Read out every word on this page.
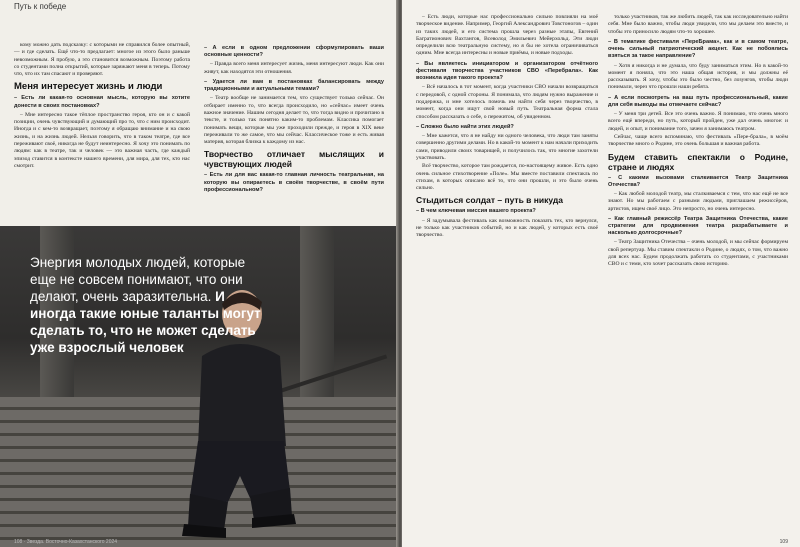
Путь к победе

кому можно дать подсказку: с которыми не справился более опытный, — и где сделать. Ещё что-то предлагает: многое из этого было раньше невозможным. Я пробую, а это становится возможным. Поэтому работа со студентами полна открытий, которые заряжают меня в теперь. Потому что, что их там спасают и проверяют.

Меня интересует жизнь и люди

– Есть ли какая-то основная мысль, которую вы хотите донести в своих постановках?

– Мне интересно такое тёплое пространство героя, кто он и с какой позиции, очень чувствующий и думающий про то, что с ним происходит. Иногда и с кем-то возвращает, поэтому я обращаю внимание и на свою жизнь, и на жизнь людей. Нельзя говорить, что в таком театре, где все переживают своё, никогда не будут неинтересно. Я хочу это понимать по людям: как в театре, так и человек — это важная часть, где каждый эпизод ставится в контексте нашего времени, для мира, для тех, кто нас смотрит.

– А если в одном предложении сформулировать ваши основные ценности?

– Правда всего меня интересует жизнь, меня интересуют люди. Как они живут, как находятся эти отношения.

– Удается ли вам в постановках балансировать между традиционными и актуальными темами?

– Театр вообще не занимается тем, что существует только сейчас. Он отбирает именно то, что всегда происходило, но «сейчас» имеет очень важное значение. Нашим сегодня делает то, что тогда видно и прочитано в тексте, и только так понятно каким-то проблемам. Классика помогает понимать вещи, которые мы уже проходили прежде, и героя в XIX веке переживали то же самое, что мы сейчас. Классическое тоже и есть живая материя, которая близка к каждому из нас.

Творчество отличает мыслящих и чувствующих людей

– Есть ли для вас какая-то главная личность театральная, на которую вы опираетесь в своём творчестве, в своём пути профессиональном?

Энергия молодых людей, которые еще не совсем понимают, что они делают, очень заразительна. И иногда такие юные таланты могут сделать то, что не может сделать уже взрослый человек
108 · Звезда. Восточно-Казахстанского 2024

– Есть люди, которые нас профессионально сильно повлияли на моё творческое видение. Например, Георгий Александрович Товстоногов – один из таких людей, и его система прошла через разные этапы, Евгений Багратионович Вахтангов, Всеволод Эмильевич Мейерхольд. Эти люди определили всю театральную систему, но я бы не хотела ограничиваться одним. Мне всегда интересны и новые приёмы, и новые подходы.

– Вы являетесь инициатором и организатором отчётного фестиваля творчества участников СВО «Перебрала». Как возникла идея такого проекта?

– Всё началось в тот момент, когда участники СВО начали возвращаться с передовой, с одной стороны. Я понимала, что людям нужно выражение и поддержка, и мне хотелось помочь им найти себя через творчество, в момент, когда они ищут свой новый путь. Театральная форма стала способом рассказать о себе, о пережитом, об увиденном.

– Сложно было найти этих людей?

– Мне кажется, что я не найду ни одного человека, что люди там заняты совершенно другими делами. Но в какой-то момент к нам начали приходить сами, приводили своих товарищей, и получилось так, что многие захотели участвовать.

Всё творчество, которое там рождается, по-настоящему живое. Есть одно очень сильное стихотворение «Поле». Мы вместе поставили спектакль по стихам, в которых описано всё то, что они прошли, и это было очень сильно.

Стыдиться солдат – путь в никуда

– В чем ключевая миссия вашего проекта?

– Я задумывала фестиваль как возможность показать тех, кто вернулся, не только как участников событий, но и как людей, у которых есть своё творчество.

только участников, так же любить людей, так как исследовательно найти себя. Мне было важно, чтобы люди увидели, что мы делаем это вместе, и чтобы это приносило людям что-то хорошее.

– В тематике фестиваля «ПереБрама», как и в самом театре, очень сильный патриотический акцент. Как не побоялись взяться за такое направление?

– Хотя я никогда и не думала, что буду заниматься этим. Но в какой-то момент я поняла, что это наша общая история, и мы должны её рассказывать. Я хочу, чтобы это было честно, без лозунгов, чтобы люди понимали, через что прошли наши ребята.

– А если посмотреть на ваш путь профессиональный, какие для себя выводы вы отмечаете сейчас?

– У меня три детей. Все это очень важно. Я понимаю, что очень много всего ещё впереди, но путь, который пройден, уже дал очень многое: и людей, и опыт, и понимание того, зачем я занимаюсь театром.

Сейчас, чаще всего вспоминаю, что фестиваль «Пере-брала», в моём творчестве много о Родине, это очень большая и важная работа.

Будем ставить спектакли о Родине, стране и людях

– С какими вызовами сталкивается Театр Защитника Отечества?

– Как любой молодой театр, мы сталкиваемся с тем, что нас ещё не все знают. Но мы работаем с разными людьми, приглашаем режиссёров, артистов, ищем своё лицо. Это непросто, но очень интересно.

– Как главный режиссёр Театра Защитника Отечества, какие стратегии для продвижения театра разрабатываете и насколько долгосрочные?

– Театр Защитника Отечества – очень молодой, и мы сейчас формируем свой репертуар. Мы ставим спектакли о Родине, о людях, о том, что важно для всех нас. Будем продолжать работать со студентами, с участниками СВО и с теми, кто хочет рассказать свою историю.

109
